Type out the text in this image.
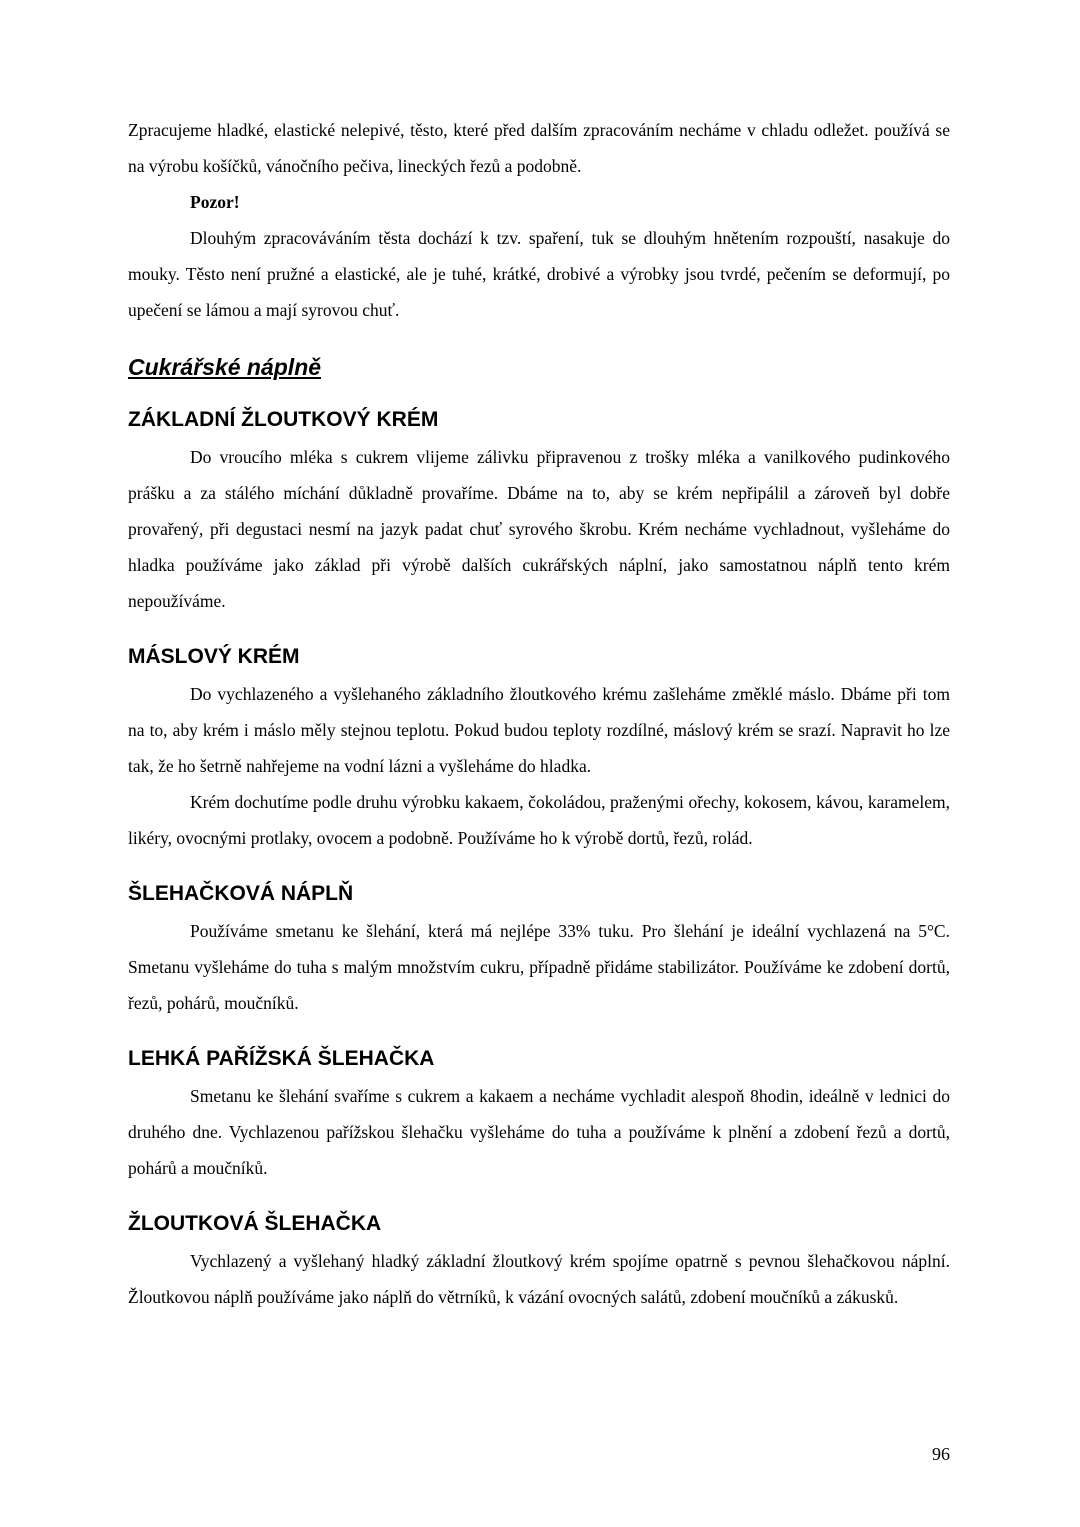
Zpracujeme hladké, elastické nelepivé, těsto, které před dalším zpracováním necháme v chladu odležet. používá se na výrobu košíčků, vánočního pečiva, lineckých řezů a podobně.

Pozor!

Dlouhým zpracováváním těsta dochází k tzv. spaření, tuk se dlouhým hnětením rozpouští, nasakuje do mouky. Těsto není pružné a elastické, ale je tuhé, krátké, drobivé a výrobky jsou tvrdé, pečením se deformují, po upečení se lámou a mají syrovou chuť.

Cukrářské náplně
ZÁKLADNÍ ŽLOUTKOVÝ KRÉM

Do vroucího mléka s cukrem vlijeme zálivku připravenou z trošky mléka a vanilkového pudinkového prášku a za stálého míchání důkladně provaříme. Dbáme na to, aby se krém nepřipálil a zároveň byl dobře provařený, při degustaci nesmí na jazyk padat chuť syrového škrobu. Krém necháme vychladnout, vyšleháme do hladka používáme jako základ při výrobě dalších cukrářských náplní, jako samostatnou náplň tento krém nepoužíváme.

MÁSLOVÝ KRÉM

Do vychlazeného a vyšlehaného základního žloutkového krému zašleháme změklé máslo. Dbáme při tom na to, aby krém i máslo měly stejnou teplotu. Pokud budou teploty rozdílné, máslový krém se srazí. Napravit ho lze tak, že ho šetrně nahřejeme na vodní lázni a vyšleháme do hladka.

Krém dochutíme podle druhu výrobku kakaem, čokoládou, praženými ořechy, kokosem, kávou, karamelem, likéry, ovocnými protlaky, ovocem a podobně. Používáme ho k výrobě dortů, řezů, rolád.

ŠLEHAČKOVÁ NÁPLŇ

Používáme smetanu ke šlehání, která má nejlépe 33% tuku. Pro šlehání je ideální vychlazená na 5°C. Smetanu vyšleháme do tuha s malým množstvím cukru, případně přidáme stabilizátor. Používáme ke zdobení dortů, řezů, pohárů, moučníků.

LEHKÁ PAŘÍŽSKÁ ŠLEHAČKA

Smetanu ke šlehání svaříme s cukrem a kakaem a necháme vychladit alespoň 8hodin, ideálně v lednici do druhého dne. Vychlazenou pařížskou šlehačku vyšleháme do tuha a používáme k plnění a zdobení řezů a dortů, pohárů a moučníků.

ŽLOUTKOVÁ ŠLEHAČKA

Vychlazený a vyšlehaný hladký základní žloutkový krém spojíme opatrně s pevnou šlehačkovou náplní. Žloutkovou náplň používáme jako náplň do větrníků, k vázání ovocných salátů, zdobení moučníků a zákusků.

96
